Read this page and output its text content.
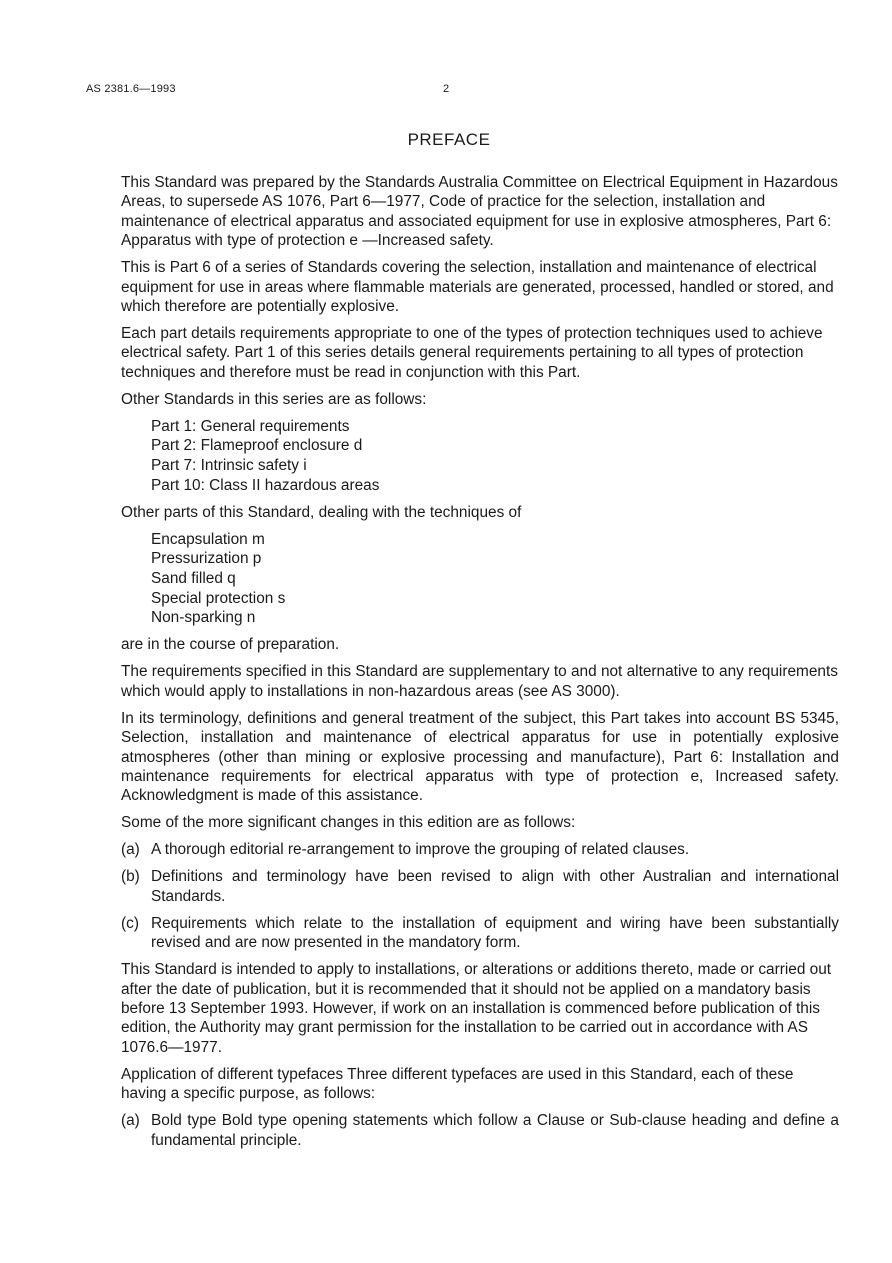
AS 2381.6—1993	2
PREFACE

This Standard was prepared by the Standards Australia Committee on Electrical Equipment in Hazardous Areas, to supersede AS 1076, Part 6—1977, Code of practice for the selection, installation and maintenance of electrical apparatus and associated equipment for use in explosive atmospheres, Part 6: Apparatus with type of protection e —Increased safety.

This is Part 6 of a series of Standards covering the selection, installation and maintenance of electrical equipment for use in areas where flammable materials are generated, processed, handled or stored, and which therefore are potentially explosive.

Each part details requirements appropriate to one of the types of protection techniques used to achieve electrical safety. Part 1 of this series details general requirements pertaining to all types of protection techniques and therefore must be read in conjunction with this Part.

Other Standards in this series are as follows:

Part 1: General requirements
Part 2: Flameproof enclosure d
Part 7: Intrinsic safety i
Part 10: Class II hazardous areas

Other parts of this Standard, dealing with the techniques of

Encapsulation m
Pressurization p
Sand filled q
Special protection s
Non-sparking n

are in the course of preparation.

The requirements specified in this Standard are supplementary to and not alternative to any requirements which would apply to installations in non-hazardous areas (see AS 3000).

In its terminology, definitions and general treatment of the subject, this Part takes into account BS 5345, Selection, installation and maintenance of electrical apparatus for use in potentially explosive atmospheres (other than mining or explosive processing and manufacture), Part 6: Installation and maintenance requirements for electrical apparatus with type of protection e, Increased safety. Acknowledgment is made of this assistance.

Some of the more significant changes in this edition are as follows:

(a) A thorough editorial re-arrangement to improve the grouping of related clauses.
(b) Definitions and terminology have been revised to align with other Australian and international Standards.
(c) Requirements which relate to the installation of equipment and wiring have been substantially revised and are now presented in the mandatory form.

This Standard is intended to apply to installations, or alterations or additions thereto, made or carried out after the date of publication, but it is recommended that it should not be applied on a mandatory basis before 13 September 1993. However, if work on an installation is commenced before publication of this edition, the Authority may grant permission for the installation to be carried out in accordance with AS 1076.6—1977.

Application of different typefaces Three different typefaces are used in this Standard, each of these having a specific purpose, as follows:

(a) Bold type Bold type opening statements which follow a Clause or Sub-clause heading and define a fundamental principle.
